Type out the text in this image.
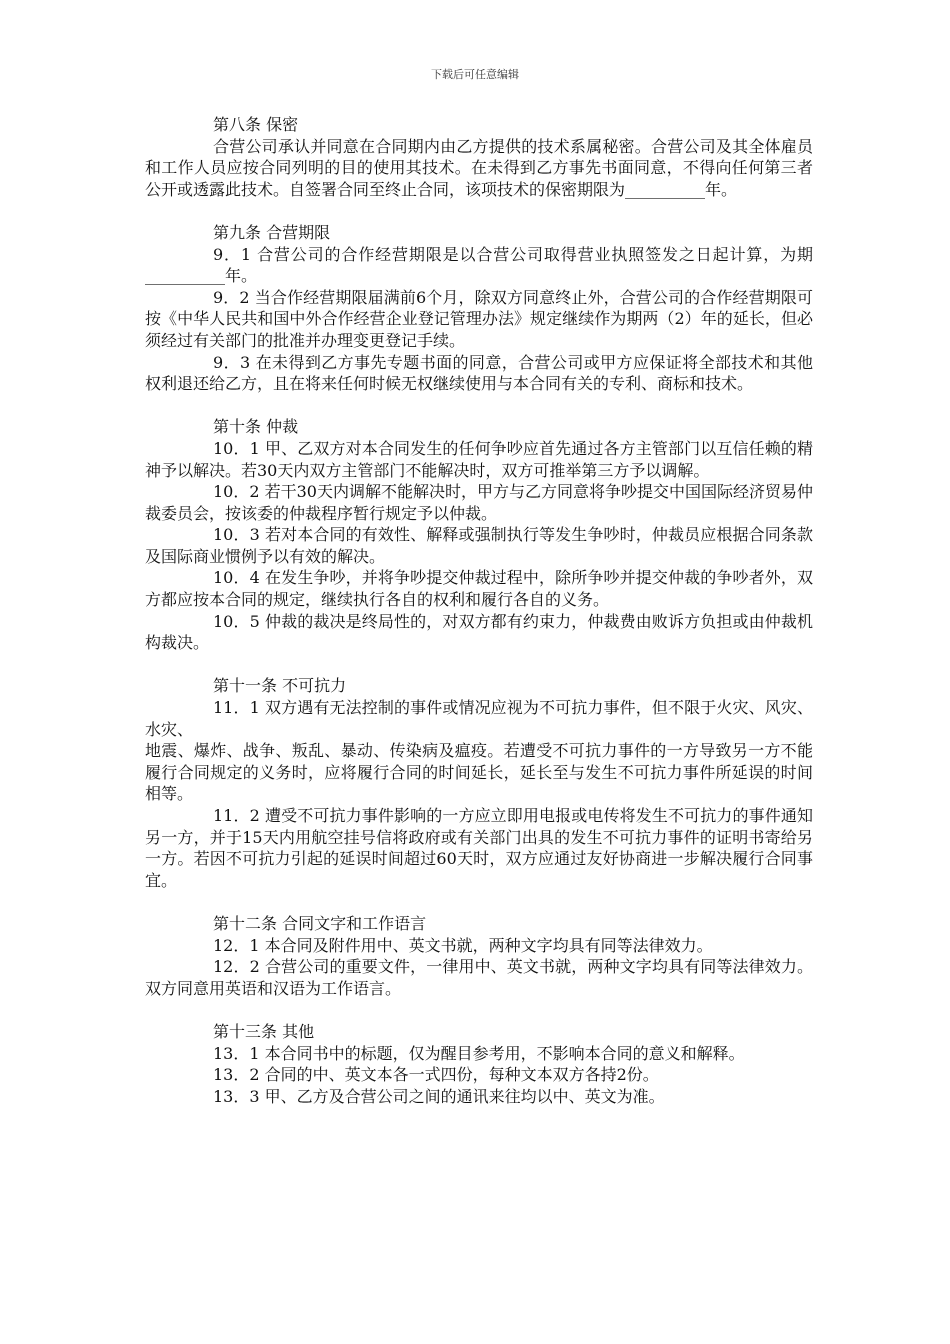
下载后可任意编辑

第八条 保密

合营公司承认并同意在合同期内由乙方提供的技术系属秘密。合营公司及其全体雇员和工作人员应按合同列明的目的使用其技术。在未得到乙方事先书面同意，不得向任何第三者公开或透露此技术。自签署合同至终止合同，该项技术的保密期限为__________年。

第九条 合营期限

9．1 合营公司的合作经营期限是以合营公司取得营业执照签发之日起计算，为期__________年。

9．2 当合作经营期限届满前6个月，除双方同意终止外，合营公司的合作经营期限可按《中华人民共和国中外合作经营企业登记管理办法》规定继续作为期两（2）年的延长，但必须经过有关部门的批准并办理变更登记手续。

9．3 在未得到乙方事先专题书面的同意，合营公司或甲方应保证将全部技术和其他权利退还给乙方，且在将来任何时候无权继续使用与本合同有关的专利、商标和技术。

第十条 仲裁

10．1 甲、乙双方对本合同发生的任何争吵应首先通过各方主管部门以互信任赖的精神予以解决。若30天内双方主管部门不能解决时，双方可推举第三方予以调解。

10．2 若干30天内调解不能解决时，甲方与乙方同意将争吵提交中国国际经济贸易仲裁委员会，按该委的仲裁程序暂行规定予以仲裁。

10．3 若对本合同的有效性、解释或强制执行等发生争吵时，仲裁员应根据合同条款及国际商业惯例予以有效的解决。

10．4 在发生争吵，并将争吵提交仲裁过程中，除所争吵并提交仲裁的争吵者外，双方都应按本合同的规定，继续执行各自的权利和履行各自的义务。

10．5 仲裁的裁决是终局性的，对双方都有约束力，仲裁费由败诉方负担或由仲裁机构裁决。

第十一条 不可抗力

11．1 双方遇有无法控制的事件或情况应视为不可抗力事件，但不限于火灾、风灾、水灾、

地震、爆炸、战争、叛乱、暴动、传染病及瘟疫。若遭受不可抗力事件的一方导致另一方不能履行合同规定的义务时，应将履行合同的时间延长，延长至与发生不可抗力事件所延误的时间相等。

11．2 遭受不可抗力事件影响的一方应立即用电报或电传将发生不可抗力的事件通知另一方，并于15天内用航空挂号信将政府或有关部门出具的发生不可抗力事件的证明书寄给另一方。若因不可抗力引起的延误时间超过60天时，双方应通过友好协商进一步解决履行合同事宜。

第十二条 合同文字和工作语言

12．1 本合同及附件用中、英文书就，两种文字均具有同等法律效力。

12．2 合营公司的重要文件，一律用中、英文书就，两种文字均具有同等法律效力。双方同意用英语和汉语为工作语言。

第十三条 其他

13．1 本合同书中的标题，仅为醒目参考用，不影响本合同的意义和解释。

13．2 合同的中、英文本各一式四份，每种文本双方各持2份。

13．3 甲、乙方及合营公司之间的通讯来往均以中、英文为准。
